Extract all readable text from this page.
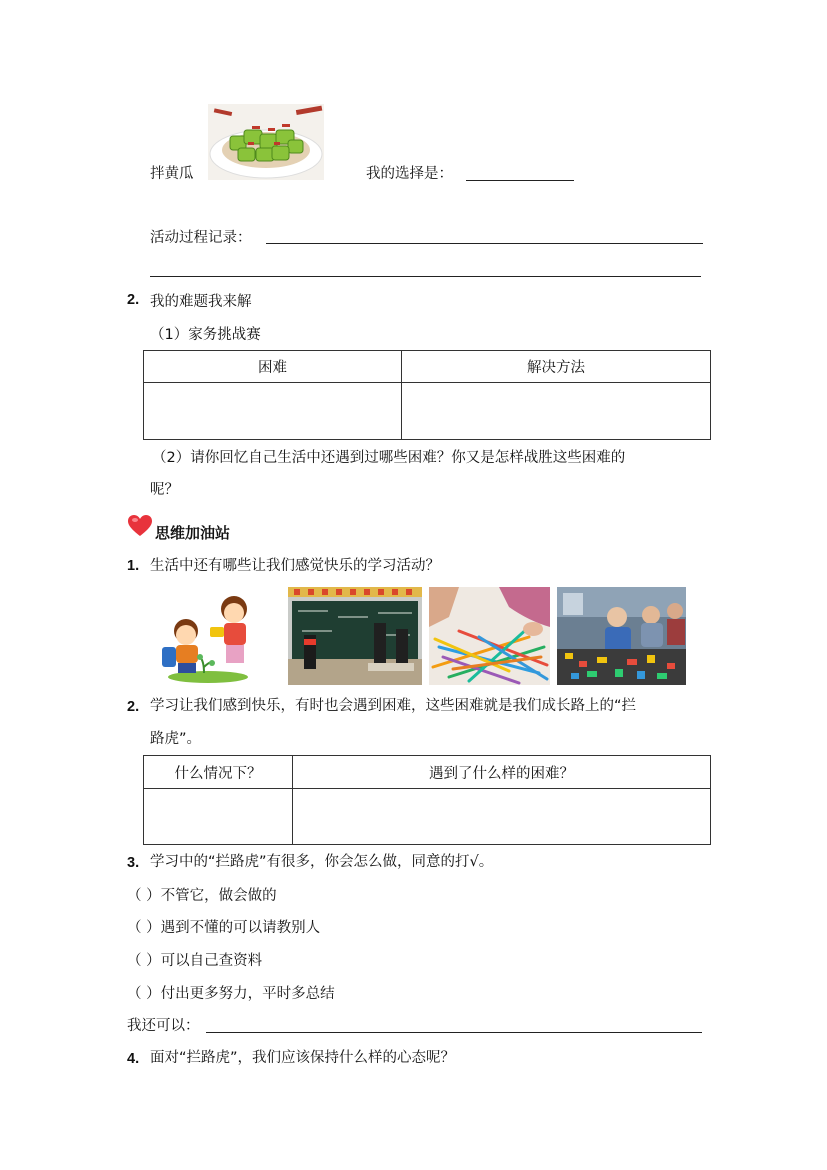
拌黄瓜	我的选择是：
活动过程记录：
2. 我的难题我来解
（1）家务挑战赛
困难	解决方法

（2）请你回忆自己生活中还遇到过哪些困难？你又是怎样战胜这些困难的
呢？
思维加油站
1. 生活中还有哪些让我们感觉快乐的学习活动？
2. 学习让我们感到快乐，有时也会遇到困难，这些困难就是我们成长路上的“拦
路虎”。
什么情况下？	遇到了什么样的困难？

3. 学习中的“拦路虎”有很多，你会怎么做，同意的打√。
（ ）不管它，做会做的
（ ）遇到不懂的可以请教别人
（ ）可以自己查资料
（ ）付出更多努力，平时多总结
我还可以：
4. 面对“拦路虎”，我们应该保持什么样的心态呢？
